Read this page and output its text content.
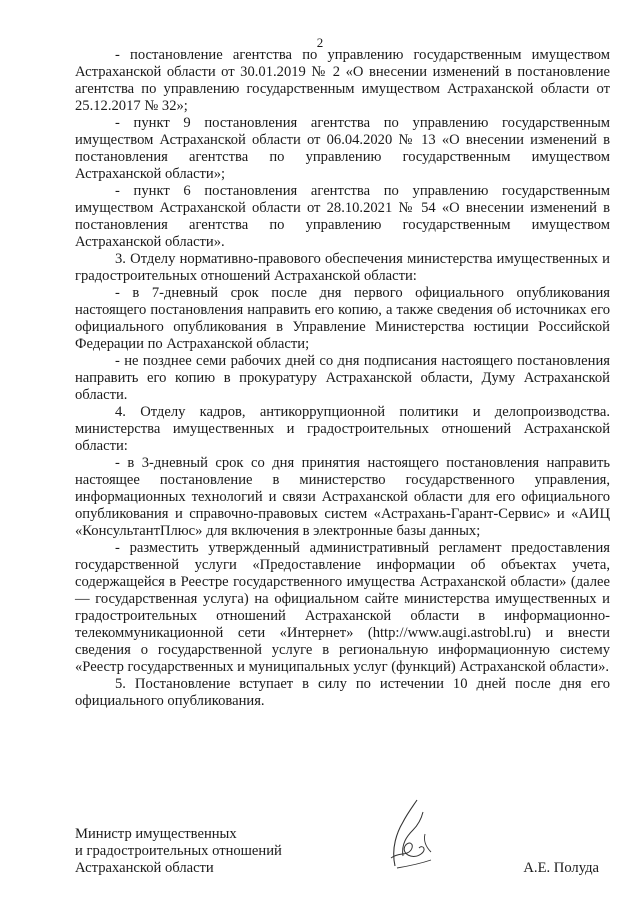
2

- постановление агентства по управлению государственным имуществом Астраханской области от 30.01.2019 № 2 «О внесении изменений в постановление агентства по управлению государственным имуществом Астраханской области от 25.12.2017 № 32»;

- пункт 9 постановления агентства по управлению государственным имуществом Астраханской области от 06.04.2020 № 13 «О внесении изменений в постановления агентства по управлению государственным имуществом Астраханской области»;

- пункт 6 постановления агентства по управлению государственным имуществом Астраханской области от 28.10.2021 № 54 «О внесении изменений в постановления агентства по управлению государственным имуществом Астраханской области».

3. Отделу нормативно-правового обеспечения министерства имущественных и градостроительных отношений Астраханской области:

- в 7-дневный срок после дня первого официального опубликования настоящего постановления направить его копию, а также сведения об источниках его официального опубликования в Управление Министерства юстиции Российской Федерации по Астраханской области;

- не позднее семи рабочих дней со дня подписания настоящего постановления направить его копию в прокуратуру Астраханской области, Думу Астраханской области.

4. Отделу кадров, антикоррупционной политики и делопроизводства. министерства имущественных и градостроительных отношений Астраханской области:

- в 3-дневный срок со дня принятия настоящего постановления направить настоящее постановление в министерство государственного управления, информационных технологий и связи Астраханской области для его официального опубликования и справочно-правовых систем «Астрахань-Гарант-Сервис» и «АИЦ «КонсультантПлюс» для включения в электронные базы данных;

- разместить утвержденный административный регламент предоставления государственной услуги «Предоставление информации об объектах учета, содержащейся в Реестре государственного имущества Астраханской области» (далее — государственная услуга) на официальном сайте министерства имущественных и градостроительных отношений Астраханской области в информационно-телекоммуникационной сети «Интернет» (http://www.augi.astrobl.ru) и внести сведения о государственной услуге в региональную информационную систему «Реестр государственных и муниципальных услуг (функций) Астраханской области».

5. Постановление вступает в силу по истечении 10 дней после дня его официального опубликования.

Министр имущественных
и градостроительных отношений
Астраханской области	А.Е. Полуда
